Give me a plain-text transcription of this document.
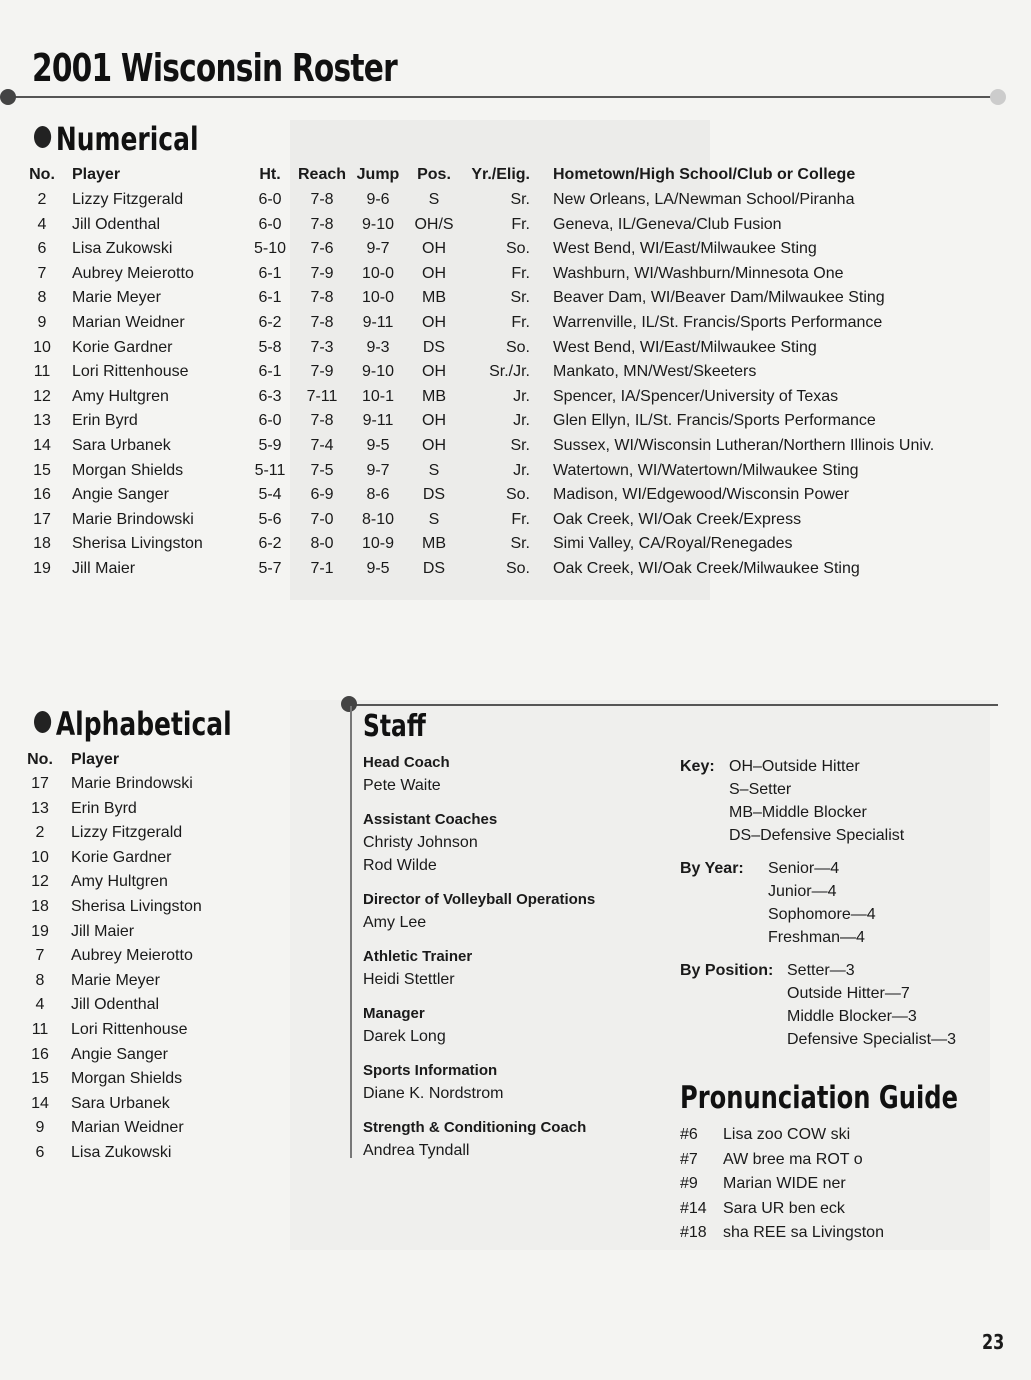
2001 Wisconsin Roster
Numerical
No. Player	Ht.	Reach Jump	Pos.	Yr./Elig. Hometown/High School/Club or College
2	Lizzy Fitzgerald	6-0	7-8	9-6	S	Sr. New Orleans, LA/Newman School/Piranha
4	Jill Odenthal	6-0	7-8	9-10	OH/S	Fr. Geneva, IL/Geneva/Club Fusion
6	Lisa Zukowski	5-10	7-6	9-7	OH	So. West Bend, WI/East/Milwaukee Sting
7	Aubrey Meierotto	6-1	7-9	10-0	OH	Fr. Washburn, WI/Washburn/Minnesota One
8	Marie Meyer	6-1	7-8	10-0	MB	Sr. Beaver Dam, WI/Beaver Dam/Milwaukee Sting
9	Marian Weidner	6-2	7-8	9-11	OH	Fr. Warrenville, IL/St. Francis/Sports Performance
10	Korie Gardner	5-8	7-3	9-3	DS	So. West Bend, WI/East/Milwaukee Sting
11	Lori Rittenhouse	6-1	7-9	9-10	OH	Sr./Jr. Mankato, MN/West/Skeeters
12	Amy Hultgren	6-3	7-11	10-1	MB	Jr. Spencer, IA/Spencer/University of Texas
13	Erin Byrd	6-0	7-8	9-11	OH	Jr. Glen Ellyn, IL/St. Francis/Sports Performance
14	Sara Urbanek	5-9	7-4	9-5	OH	Sr. Sussex, WI/Wisconsin Lutheran/Northern Illinois Univ.
15	Morgan Shields	5-11	7-5	9-7	S	Jr. Watertown, WI/Watertown/Milwaukee Sting
16	Angie Sanger	5-4	6-9	8-6	DS	So. Madison, WI/Edgewood/Wisconsin Power
17	Marie Brindowski	5-6	7-0	8-10	S	Fr. Oak Creek, WI/Oak Creek/Express
18	Sherisa Livingston	6-2	8-0	10-9	MB	Sr. Simi Valley, CA/Royal/Renegades
19	Jill Maier	5-7	7-1	9-5	DS	So. Oak Creek, WI/Oak Creek/Milwaukee Sting
Alphabetical
No. Player
17	Marie Brindowski
13	Erin Byrd
2	Lizzy Fitzgerald
10	Korie Gardner
12	Amy Hultgren
18	Sherisa Livingston
19	Jill Maier
7	Aubrey Meierotto
8	Marie Meyer
4	Jill Odenthal
11	Lori Rittenhouse
16	Angie Sanger
15	Morgan Shields
14	Sara Urbanek
9	Marian Weidner
6	Lisa Zukowski
Staff
Head Coach
Pete Waite
Assistant Coaches
Christy Johnson
Rod Wilde
Director of Volleyball Operations
Amy Lee
Athletic Trainer
Heidi Stettler
Manager
Darek Long
Sports Information
Diane K. Nordstrom
Strength & Conditioning Coach
Andrea Tyndall
Key: OH–Outside Hitter
S–Setter
MB–Middle Blocker
DS–Defensive Specialist
By Year: Senior—4
Junior—4
Sophomore—4
Freshman—4
By Position: Setter—3
Outside Hitter—7
Middle Blocker—3
Defensive Specialist—3
Pronunciation Guide
#6 Lisa zoo COW ski
#7 AW bree ma ROT o
#9 Marian WIDE ner
#14 Sara UR ben eck
#18 sha REE sa Livingston
23
